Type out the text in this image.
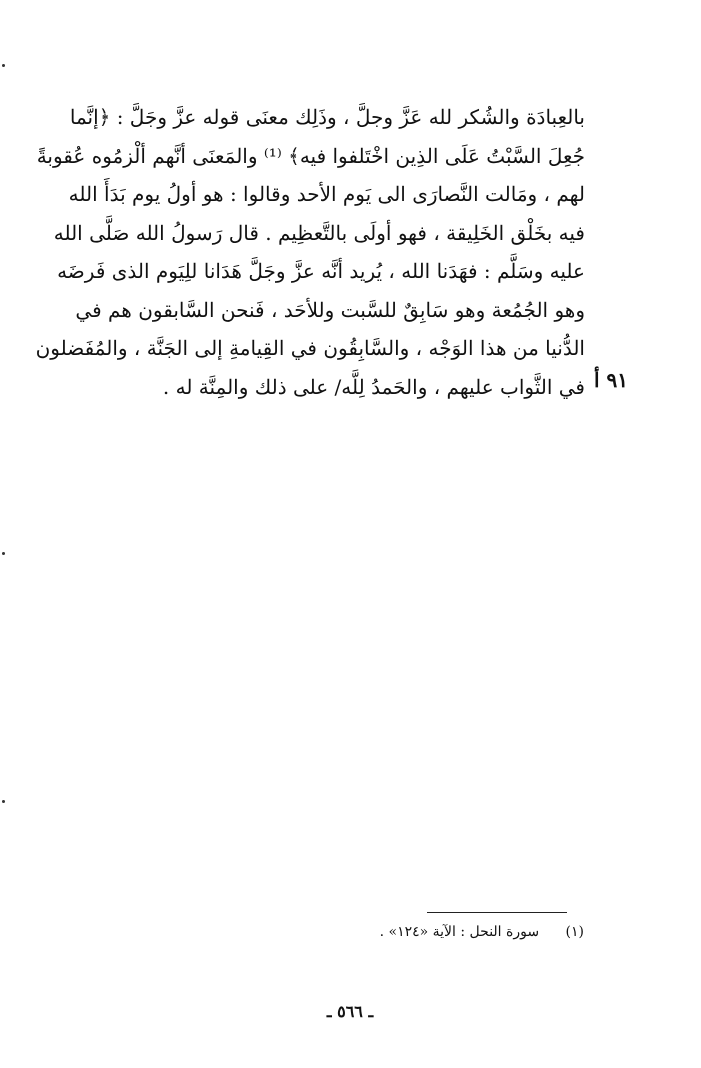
بالعِبادَة والشُكر لله عَزَّ وجلَّ ، وذَلِك معنَى قوله عزَّ وجَلَّ : ﴿إنَّما
جُعِلَ السَّبْتُ عَلَى الذِين اخْتَلفوا فيه﴾ ⁽¹⁾ والمَعنَى أنَّهم ألْزمُوه عُقوبةً
لهم ، ومَالت النَّصارَى الى يَوم الأحد وقالوا : هو أولُ يوم بَدَأَ الله
فيه بخَلْق الخَلِيقة ، فهو أولَى بالتَّعظِيم . قال رَسولُ الله صَلَّى الله
عليه وسَلَّم : فهَدَنا الله ، يُريد أنَّه عزَّ وجَلَّ هَدَانا للِيَوم الذى فَرضَه
وهو الجُمُعة وهو سَابِقٌ للسَّبت وللأحَد ، فَنحن السَّابقون هم في
الدُّنيا من هذا الوَجْه ، والسَّابِقُون في القِيامةِ إلى الجَنَّة ، والمُفَضلون
في الثَّواب عليهم ، والحَمدُ لِلَّه/ على ذلك والمِنَّة له . ٩١ أ
(١) سورة النحل : الآية «١٢٤» .
ـ ٥٦٦ ـ
